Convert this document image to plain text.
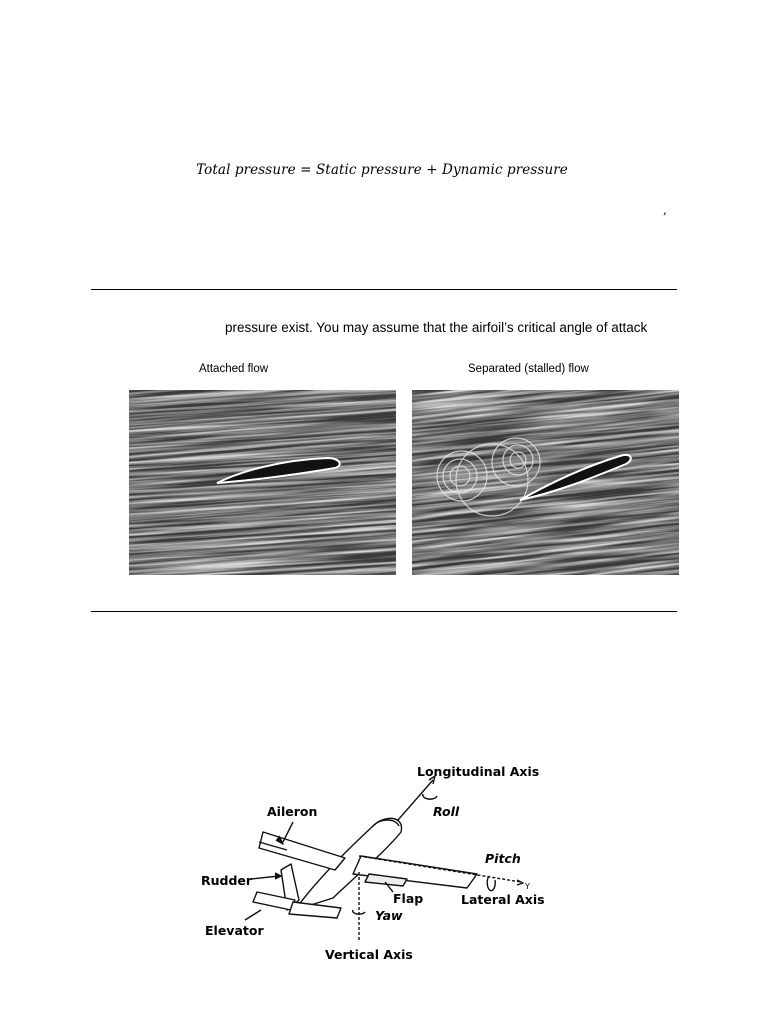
Total pressure = Static pressure + Dynamic pressure
,
pressure exist. You may assume that the airfoil’s critical angle of attack
Attached flow	Separated (stalled) flow
Longitudinal Axis
Roll
Aileron
Pitch
Y
Rudder
Flap	Lateral Axis
Yaw
Elevator
Vertical Axis
